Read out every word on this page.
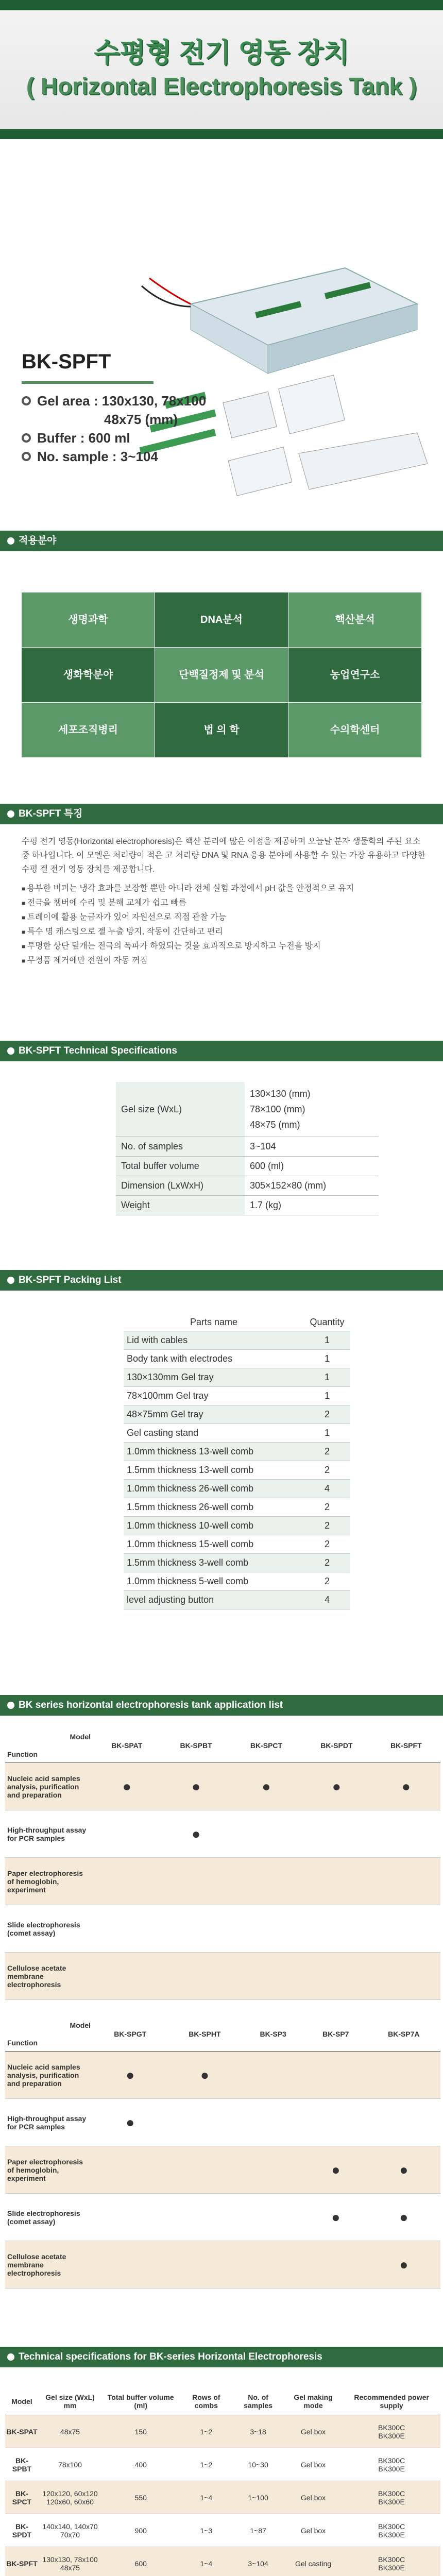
수평형 전기 영동 장치
( Horizontal Electrophoresis Tank )
BK-SPFT
Gel area : 130x130, 78x100
48x75 (mm)
Buffer : 600 ml
No. sample : 3~104
적용분야
생명과학	DNA분석	핵산분석
생화학분야	단백질정제 및 분석	농업연구소
세포조직병리	법 의 학	수의학센터
BK-SPFT 특징

수평 전기 영동(Horizontal electrophoresis)은 핵산 분리에 많은 이점을 제공하며 오늘날 분자 생물학의 주된 요소 중 하나입니다. 이 모델은 처리량이 적은 고 처리량 DNA 및 RNA 응용 분야에 사용할 수 있는 가장 유용하고 다양한 수평 겔 전기 영동 장치를 제공합니다.

■ 용부한 버퍼는 냉각 효과를 보장할 뿐만 아니라 전체 실험 과정에서 pH 값을 안정적으로 유지
■ 전극을 챔버에 수리 및 분해 교체가 쉽고 빠름
■ 트레이에 활용 눈금자가 있어 자원선으로 직접 관찰 가능
■ 특수 명 캐스팅으로 젤 누출 방지, 작동이 간단하고 편리
■ 투명한 상단 덮개는 전극의 폭파가 하였되는 것을 효과적으로 방지하고 누전을 방지
■ 무정품 제거에만 전원이 자동 꺼짐
BK-SPFT Technical Specifications
Gel size (WxL)	130×130 (mm)
78×100 (mm)
48×75 (mm)
No. of samples	3~104
Total buffer volume	600 (ml)
Dimension (LxWxH)	305×152×80 (mm)
Weight	1.7 (kg)
BK-SPFT Packing List
Parts name	Quantity
Lid with cables	1
Body tank with electrodes	1
130×130mm Gel tray	1
78×100mm Gel tray	1
48×75mm Gel tray	2
Gel casting stand	1
1.0mm thickness 13-well comb	2
1.5mm thickness 13-well comb	2
1.0mm thickness 26-well comb	4
1.5mm thickness 26-well comb	2
1.0mm thickness 10-well comb	2
1.0mm thickness 15-well comb	2
1.5mm thickness 3-well comb	2
1.0mm thickness 5-well comb	2
level adjusting button	4
BK series horizontal electrophoresis tank application list
Model
Function	BK-SPAT	BK-SPBT	BK-SPCT	BK-SPDT	BK-SPFT
Nucleic acid samples analysis, purification and preparation	●	●	●	●	●
High-throughput assay for PCR samples		●			
Paper electrophoresis of hemoglobin, experiment					
Slide electrophoresis (comet assay)					
Cellulose acetate membrane electrophoresis					
Model
Function	BK-SPGT	BK-SPHT	BK-SP3	BK-SP7	BK-SP7A
Nucleic acid samples analysis, purification and preparation	●	●			
High-throughput assay for PCR samples	●				
Paper electrophoresis of hemoglobin, experiment				●	●
Slide electrophoresis (comet assay)				●	●
Cellulose acetate membrane electrophoresis					●
Technical specifications for BK-series Horizontal Electrophoresis
Model	Gel size (WxL) mm	Total buffer volume (ml)	Rows of combs	No. of samples	Gel making mode	Recommended power supply
BK-SPAT	48x75	150	1~2	3~18	Gel box	BK300C
BK300E
BK-SPBT	78x100	400	1~2	10~30	Gel box	BK300C
BK300E
BK-SPCT	120x120, 60x120
120x60, 60x60	550	1~4	1~100	Gel box	BK300C
BK300E
BK-SPDT	140x140, 140x70
70x70	900	1~3	1~87	Gel box	BK300C
BK300E
BK-SPFT	130x130, 78x100
48x75	600	1~4	3~104	Gel casting	BK300C
BK300E
